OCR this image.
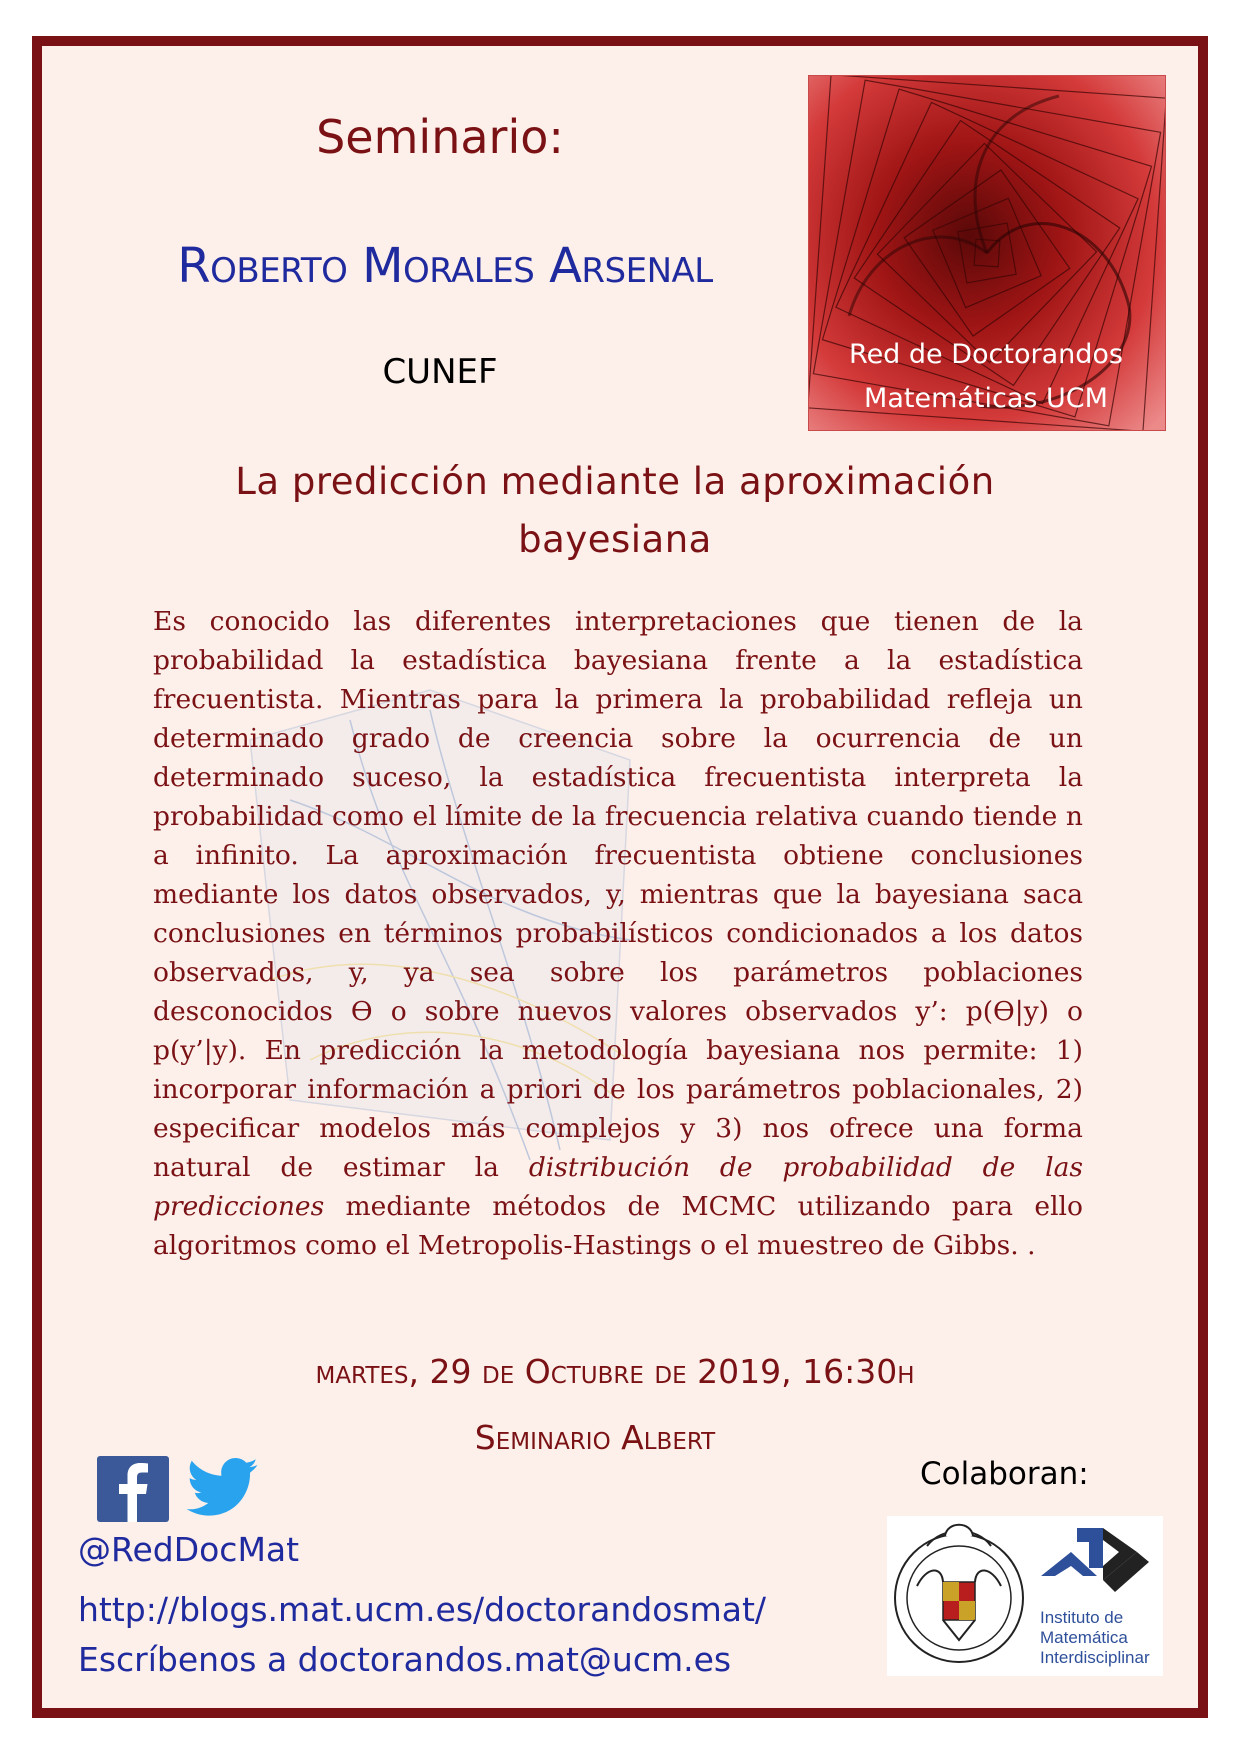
Seminario:
Roberto Morales Arsenal
CUNEF	Red de Doctorandos
Matemáticas UCM
La predicción mediante la aproximación bayesiana
Es conocido las diferentes interpretaciones que tienen de la probabilidad la estadística bayesiana frente a la estadística frecuentista. Mientras para la primera la probabilidad refleja un determinado grado de creencia sobre la ocurrencia de un determinado suceso, la estadística frecuentista interpreta la probabilidad como el límite de la frecuencia relativa cuando tiende n a infinito. La aproximación frecuentista obtiene conclusiones mediante los datos observados, y, mientras que la bayesiana saca conclusiones en términos probabilísticos condicionados a los datos observados, y, ya sea sobre los parámetros poblaciones desconocidos ϴ o sobre nuevos valores observados y’: p(ϴ|y) o p(y’|y). En predicción la metodología bayesiana nos permite: 1) incorporar información a priori de los parámetros poblacionales, 2) especificar modelos más complejos y 3) nos ofrece una forma natural de estimar la distribución de probabilidad de las predicciones mediante métodos de MCMC utilizando para ello algoritmos como el Metropolis-Hastings o el muestreo de Gibbs. .
martes, 29 de Octubre de 2019, 16:30h
Seminario Albert
@RedDocMat
http://blogs.mat.ucm.es/doctorandosmat/
Escríbenos a doctorandos.mat@ucm.es
Colaboran:
Instituto de
Matemática
Interdisciplinar
